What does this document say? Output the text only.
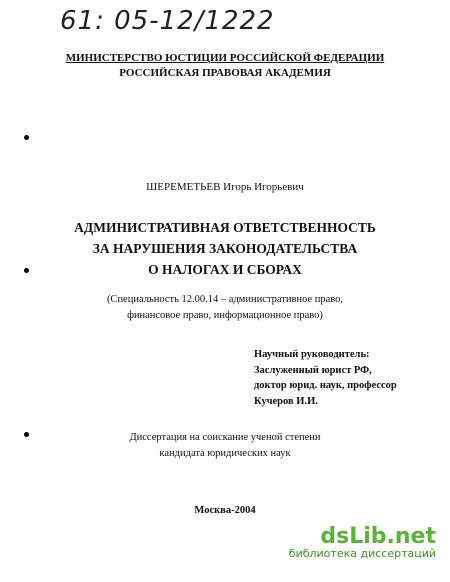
61: 05-12/1222
МИНИСТЕРСТВО ЮСТИЦИИ РОССИЙСКОЙ ФЕДЕРАЦИИ
РОССИЙСКАЯ ПРАВОВАЯ АКАДЕМИЯ
ШЕРЕМЕТЬЕВ Игорь Игорьевич
АДМИНИСТРАТИВНАЯ ОТВЕТСТВЕННОСТЬ
ЗА НАРУШЕНИЯ ЗАКОНОДАТЕЛЬСТВА
О НАЛОГАХ И СБОРАХ
(Специальность 12.00.14 – административное право,
финансовое право, информационное право)
Научный руководитель:
Заслуженный юрист РФ,
доктор юрид. наук, профессор
Кучеров И.И.
Диссертация на соискание ученой степени
кандидата юридических наук
Москва-2004
dsLib.net
библиотека диссертаций
